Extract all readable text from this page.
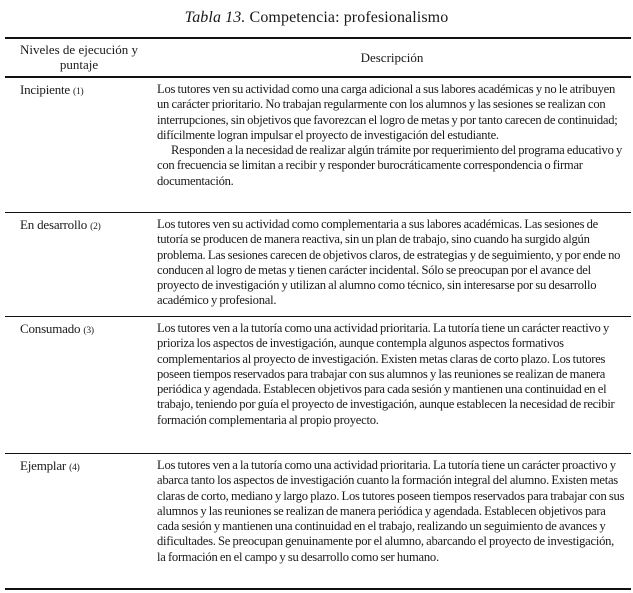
Tabla 13. Competencia: profesionalismo
Niveles de ejecución y puntaje	Descripción
Incipiente (1)	Los tutores ven su actividad como una carga adicional a sus labores académicas y no le atribuyen un carácter prioritario. No trabajan regularmente con los alumnos y las sesiones se realizan con interrupciones, sin objetivos que favorezcan el logro de metas y por tanto carecen de continuidad; difícilmente logran impulsar el proyecto de investigación del estudiante.

Responden a la necesidad de realizar algún trámite por requerimiento del programa educativo y con frecuencia se limitan a recibir y responder burocráticamente correspondencia o firmar documentación.

En desarrollo (2)	Los tutores ven su actividad como complementaria a sus labores académicas. Las sesiones de tutoría se producen de manera reactiva, sin un plan de trabajo, sino cuando ha surgido algún problema. Las sesiones carecen de objetivos claros, de estrategias y de seguimiento, y por ende no conducen al logro de metas y tienen carácter incidental. Sólo se preocupan por el avance del proyecto de investigación y utilizan al alumno como técnico, sin interesarse por su desarrollo académico y profesional.

Consumado (3)	Los tutores ven a la tutoría como una actividad prioritaria. La tutoría tiene un carácter reactivo y prioriza los aspectos de investigación, aunque contempla algunos aspectos formativos complementarios al proyecto de investigación. Existen metas claras de corto plazo. Los tutores poseen tiempos reservados para trabajar con sus alumnos y las reuniones se realizan de manera periódica y agendada. Establecen objetivos para cada sesión y mantienen una continuidad en el trabajo, teniendo por guía el proyecto de investigación, aunque establecen la necesidad de recibir formación complementaria al propio proyecto.

Ejemplar (4)	Los tutores ven a la tutoría como una actividad prioritaria. La tutoría tiene un carácter proactivo y abarca tanto los aspectos de investigación cuanto la formación integral del alumno. Existen metas claras de corto, mediano y largo plazo. Los tutores poseen tiempos reservados para trabajar con sus alumnos y las reuniones se realizan de manera periódica y agendada. Establecen objetivos para cada sesión y mantienen una continuidad en el trabajo, realizando un seguimiento de avances y dificultades. Se preocupan genuinamente por el alumno, abarcando el proyecto de investigación, la formación en el campo y su desarrollo como ser humano.
